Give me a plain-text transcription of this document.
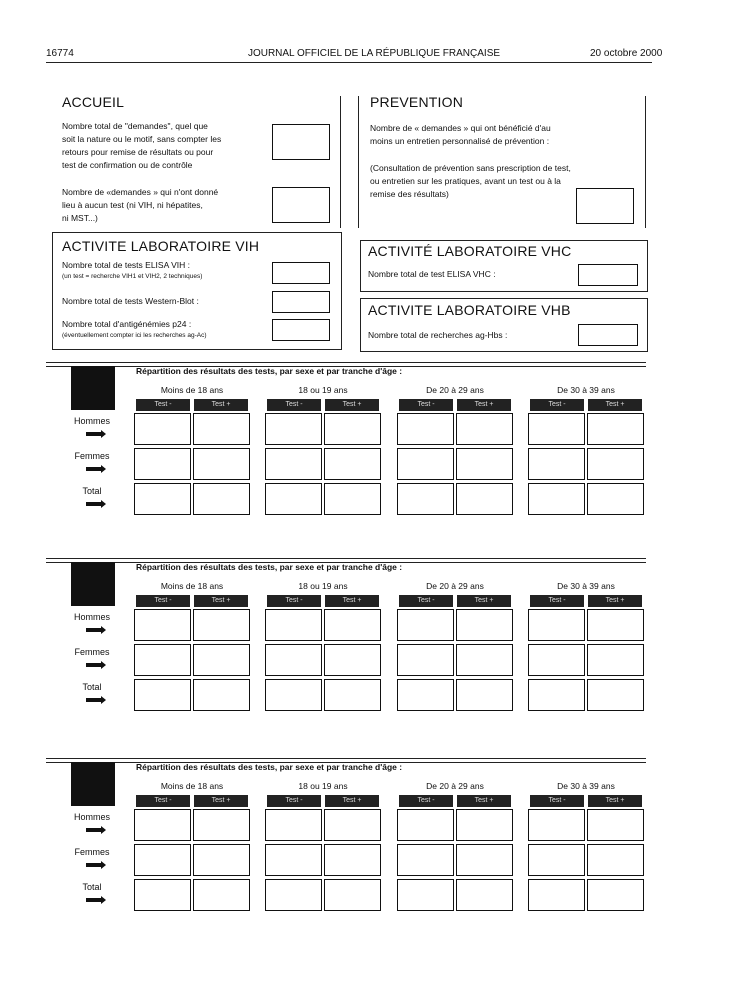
16774	JOURNAL OFFICIEL DE LA RÉPUBLIQUE FRANÇAISE	20 octobre 2000
ACCUEIL
Nombre total de "demandes", quel que
soit la nature ou le motif, sans compter les
retours pour remise de résultats ou pour
test de confirmation ou de contrôle
Nombre de «demandes » qui n'ont donné
lieu à aucun test (ni VIH, ni hépatites,
ni MST...)
PREVENTION
Nombre de « demandes » qui ont bénéficié d'au
moins un entretien personnalisé de prévention :
(Consultation de prévention sans prescription de test,
ou entretien sur les pratiques, avant un test ou à la
remise des résultats)
ACTIVITE LABORATOIRE VIH
Nombre total de tests ELISA VIH :
(un test = recherche VIH1 et VIH2, 2 techniques)
Nombre total de tests Western-Blot :
Nombre total d'antigénémies p24 :
(éventuellement compter ici les recherches ag-Ac)
ACTIVITÉ LABORATOIRE VHC
Nombre total de test ELISA VHC :
ACTIVITE LABORATOIRE VHB
Nombre total de recherches ag-Hbs :
Répartition des résultats des tests, par sexe et par tranche d'âge :
Moins de 18 ans
Test -	Test +
18 ou 19 ans
Test -	Test +
De 20 à 29 ans
Test -	Test +
De 30 à 39 ans
Test -	Test +
Hommes
Femmes
Total
Répartition des résultats des tests, par sexe et par tranche d'âge :
Moins de 18 ans
Test -	Test +
18 ou 19 ans
Test -	Test +
De 20 à 29 ans
Test -	Test +
De 30 à 39 ans
Test -	Test +
Hommes
Femmes
Total
Répartition des résultats des tests, par sexe et par tranche d'âge :
Moins de 18 ans
Test -	Test +
18 ou 19 ans
Test -	Test +
De 20 à 29 ans
Test -	Test +
De 30 à 39 ans
Test -	Test +
Hommes
Femmes
Total
